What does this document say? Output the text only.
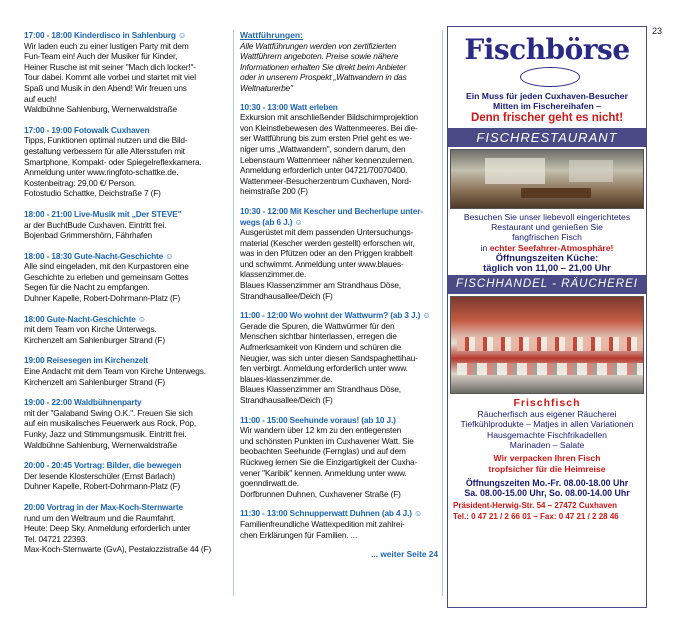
23
17:00 - 18:00 Kinderdisco in Sahlenburg ☺
Wir laden euch zu einer lustigen Party mit dem
Fun-Team ein! Auch der Musiker für Kinder,
Heiner Rusche ist mit seiner "Mach dich locker!"-
Tour dabei. Kommt alle vorbei und startet mit viel
Spaß und Musik in den Abend! Wir freuen uns
auf euch!
Waldbühne Sahlenburg, Wernerwaldstraße
17:00 - 19:00 Fotowalk Cuxhaven
Tipps, Funktionen optimal nutzen und die Bild-
gestaltung verbessern für alle Altersstufen mit
Smartphone, Kompakt- oder Spiegelreflexkamera.
Anmeldung unter www.ringfoto-schattke.de.
Kostenbeitrag: 29,00 €/ Person.
Fotostudio Schattke, Deichstraße 7 (F)
18:00 - 21:00 Live-Musik mit „Der STEVE"
ar der BuchtBude Cuxhaven. Eintritt frei.
Bojenbad Grimmershörn, Fährhafen
18:00 - 18:30 Gute-Nacht-Geschichte ☺
Alle sind eingeladen, mit den Kurpastoren eine
Geschichte zu erleben und gemeinsam Gottes
Segen für die Nacht zu empfangen.
Duhner Kapelle, Robert-Dohrmann-Platz (F)
18:00 Gute-Nacht-Geschichte ☺
mit dem Team von Kirche Unterwegs.
Kirchenzelt am Sahlenburger Strand (F)
19:00 Reisesegen im Kirchenzelt
Eine Andacht mit dem Team von Kirche Unterwegs.
Kirchenzelt am Sahlenburger Strand (F)
19:00 - 22:00 Waldbühnenparty
mit der "Galaband Swing O.K.". Freuen Sie sich
auf ein musikalisches Feuerwerk aus Rock, Pop,
Funky, Jazz und Stimmungsmusik. Eintritt frei.
Waldbühne Sahlenburg, Wernerwaldstraße
20:00 - 20:45 Vortrag: Bilder, die bewegen
Der lesende Klosterschüler (Ernst Barlach)
Duhner Kapelle, Robert-Dohrmann-Platz (F)
20:00 Vortrag in der Max-Koch-Sternwarte
rund um den Weltraum und die Raumfahrt.
Heute: Deep Sky. Anmeldung erforderlich unter
Tel. 04721 22393.
Max-Koch-Sternwarte (GvA), Pestalozzistraße 44 (F)
Wattführungen:
Alle Wattführungen werden von zertifizierten
Wattführern angeboten. Preise sowie nähere
Informationen erhalten Sie direkt beim Anbieter
oder in unserem Prospekt „Wattwandern in das
Weltnaturerbe"
10:30 - 13:00 Watt erleben
Exkursion mit anschließender Bildschirmprojektion
von Kleinstlebewesen des Wattenmeeres. Bei die-
ser Wattführung bis zum ersten Priel geht es we-
niger ums „Wattwandern", sondern darum, den
Lebensraum Wattenmeer näher kennenzulernen.
Anmeldung erforderlich unter 04721/70070400.
Wattenmeer-Besucherzentrum Cuxhaven, Nord-
heimstraße 200 (F)
10:30 - 12:00 Mit Kescher und Becherlupe unter-
wegs (ab 6 J.) ☺
Ausgerüstet mit dem passenden Untersuchungs-
material (Kescher werden gestellt) erforschen wir,
was in den Pfützen oder an den Priggen krabbelt
und schwimmt. Anmeldung unter www.blaues-
klassenzimmer.de.
Blaues Klassenzimmer am Strandhaus Döse,
Strandhausallee/Deich (F)
11:00 - 12:00 Wo wohnt der Wattwurm? (ab 3 J.) ☺
Gerade die Spuren, die Wattwürmer für den
Menschen sichtbar hinterlassen, erregen die
Aufmerksamkeit von Kindern und schüren die
Neugier, was sich unter diesen Sandspaghettihau-
fen verbirgt. Anmeldung erforderlich unter www.
blaues-klassenzimmer.de.
Blaues Klassenzimmer am Strandhaus Döse,
Strandhausallee/Deich (F)
11:00 - 15:00 Seehunde voraus! (ab 10 J.)
Wir wandern über 12 km zu den entlegensten
und schönsten Punkten im Cuxhavener Watt. Sie
beobachten Seehunde (Fernglas) und auf dem
Rückweg lernen Sie die Einzigartigkeit der Cuxha-
vener "Karibik" kennen. Anmeldung unter www.
goenndirwatt.de.
Dorfbrunnen Duhnen, Cuxhavener Straße (F)
11:30 - 13:00 Schnupperwatt Duhnen (ab 4 J.) ☺
Familienfreundliche Wattexpedition mit zahlrei-
chen Erklärungen für Familien. ...
... weiter Seite 24
Fischbörse
Ein Muss für jeden Cuxhaven-Besucher
Mitten im Fischereihafen –
Denn frischer geht es nicht!
FISCHRESTAURANT
Besuchen Sie unser liebevoll eingerichtetes
Restaurant und genießen Sie
fangfrischen Fisch
in echter Seefahrer-Atmosphäre!
Öffnungszeiten Küche:
täglich von 11,00 – 21,00 Uhr
FISCHHANDEL - RÄUCHEREI
Frischfisch
Räucherfisch aus eigener Räucherei
Tiefkühlprodukte – Matjes in allen Variationen
Hausgemachte Fischfrikadellen
Marinaden – Salate
Wir verpacken Ihren Fisch
tropfsicher für die Heimreise
Öffnungszeiten Mo.-Fr. 08.00-18.00 Uhr
Sa. 08.00-15.00 Uhr, So. 08.00-14.00 Uhr
Präsident-Herwig-Str. 54 – 27472 Cuxhaven
Tel.: 0 47 21 / 2 66 01 – Fax: 0 47 21 / 2 28 46
